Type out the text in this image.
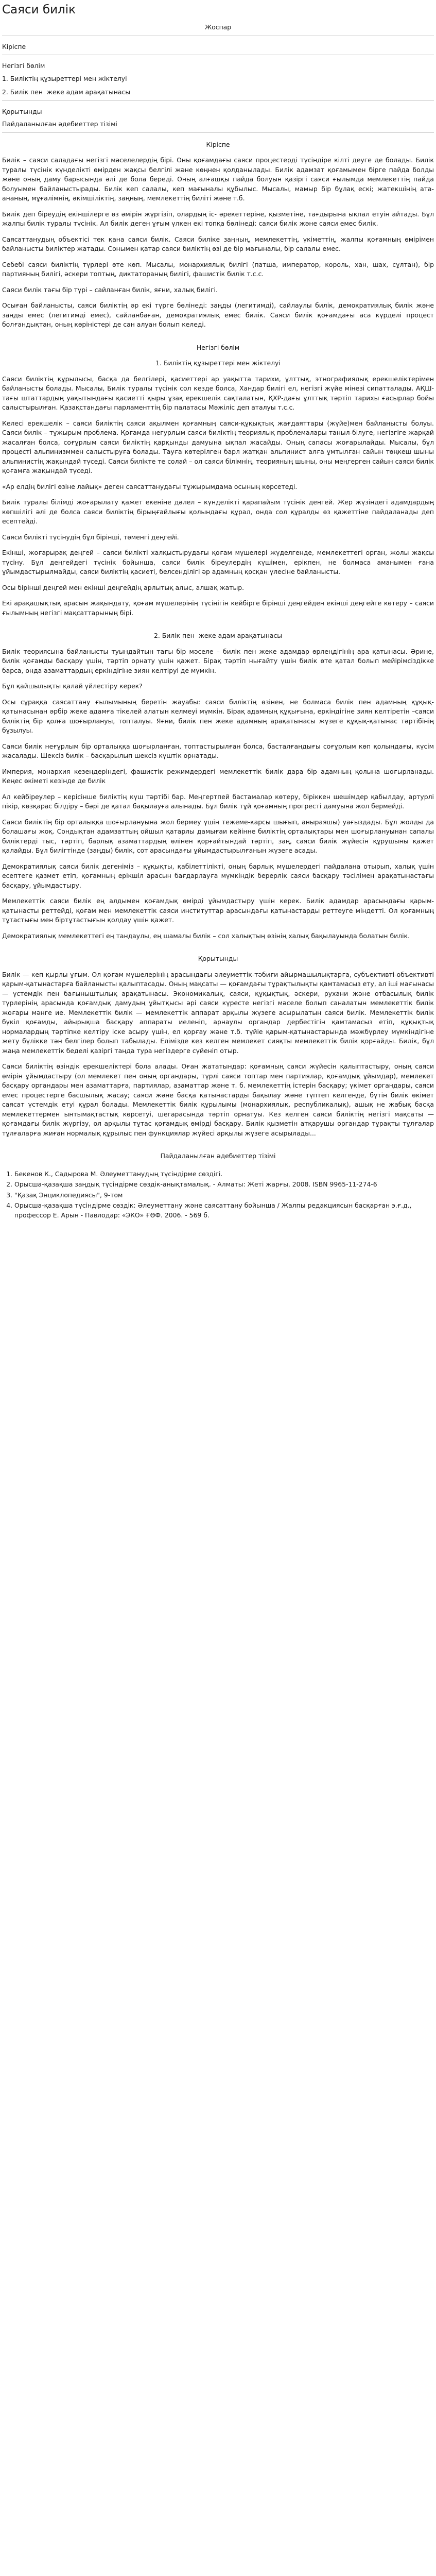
Саяси билік

Жоспар

Кіріспе

Негізгі бөлім

1. Биліктің құзыреттері мен жіктелуі

2. Билік пен ​ жеке адам арақатынасы

Қорытынды

Пайдаланылған әдебиеттер тізімі

Кіріспе

Билік – саяси саладағы негізгі мәселелердің бірі. Оны қоғамдағы саяси процестерді түсіндіре кілті деуге де болады. Билік туралы түсінік күнделікті өмірден жақсы белгілі және көңнен қолданылады. Билік адамзат қоғамымен бірге пайда болды және оның даму барысында әлі де бола береді. Оның алғашқы пайда болуын қазіргі саяси ғылымда мемлекеттің пайда болуымен байланыстырады. Билік кеп салалы, кеп мағыналы құбылыс. Мысалы, мамыр бір бұлақ ескі; жатекшінің ата-ананың, мұғалімнің, әкімшіліктің, заңның, мемлекеттің биліті және т.б.

Билік деп біреудің екіншілерге өз әмірін жүргізіп, олардың іс- әрекеттеріне, қызметіне, тағдырына ықпал етуін айтады. Бұл жалпы билік туралы түсінік. Ал билік деген ұғым үлкен екі топқа бөлінеді: саяси билік және саяси емес билік.

Саясаттанудың объектісі тек қана саяси билік. Саяси биліке заңның, мемлекеттің, үкіметтің, жалпы қоғамның өмірімен байланысты биліктер жатады. Сонымен қатар саяси биліктің өзі де бір мағыналы, бір салалы емес.

Себебі саяси биліктің түрлері өте көп. Мысалы, монархиялық билігі (патша, император, король, хан, шах, сұлтан), бір партияның билігі, әскери топтың, диктатораның билігі, фашистік билік т.с.с.

Саяси билік тағы бір түрі – сайланған билік, яғни, халық билігі.

Осыған байланысты, саяси биліктің әр екі түргe бөлінеді: заңды (легитимді), сайлаулы билік, демократиялық билік және заңды емес (легитимді емес), сайланбаған, демократиялық емес билік. Саяси билік қоғамдағы аса күрделі процест болғандықтан, оның көріністері де сан алуан болып келеді.

Негізгі бөлім

1. Биліктің құзыреттері мен жіктелуі

Саяси биліктің құрылысы, басқа да белгілері, қасиеттері ар уақытта тарихи, ұлттық, этнографиялық ерекшеліктерімен байланысты болады. Мысалы, Билік туралы түсінік сол кезде болса, Хандар билігі ел, негізгі жүйе мінезі сипатталады. АҚШ-тағы штаттардың уақытындағы қасиетті қыры ұзақ ерекшелік сақталатын, ҚХР-дағы ұлттық тәртіп тарихы ғасырлар бойы салыстырылған. Қазақстандағы парламенттің бір палатасы Мәжіліс деп аталуы т.с.с.

Келесі ерекшелік – саяси биліктің саяси ақылмен қоғамның саяси-құқықтық жағдаяттары (жүйе)мен байланысты болуы. Саяси билік – тұжырым проблема. Қоғамда негурлым саяси биліктің теориялық проблемалары таныл-білуге, негізгіге жарқай жасалған болса, соғұрлым саяси биліктің қарқынды дамуына ықпал жасайды. Оның сапасы жоғарылайды. Мысалы, бұл процесті альпинизммен салыстыруға болады. Тауға көтерілген барл жатқан альпинист алға ұмтылған сайын төңкеш шыны альпинистің жақындай түседі. Саяси билікте те солай – ол саяси білімнің, теорияның шыны, оны меңгерген сайын саяси билік қоғамға жақындай түседі.

«Ар елдің билігі өзіне лайық» деген саясаттанудағы тұжырымдама осының көрсетеді.

Билік туралы білімді жоғарылату қажет екеніне дәлел – күнделікті қарапайым түсінік деңгей. Жер жүзіндегі адамдардың көпшілігі әлі де болса саяси биліктің бірыңғайлығы қолындағы құрал, онда сол құралды өз қажеттіне пайдаланады деп есептейді.

Саяси билікті түсінудің бұл бірінші, төменгі деңгейі.

Екінші, жоғарырақ деңгей – саяси билікті халқыстырудағы қоғам мүшелері жүделгенде, мемлекеттегі орган, жолы жақсы түсіну. Бұл деңгейдегі түсінік бойынша, саяси билік біреулердің күшімен, ерікпен, не болмаса аманымен ғана ұйымдастырылмайды, саяси биліктің қасиеті, белсенділігі әр адамның қосқан үлесіне байланысты.

Осы бірінші деңгей мен екінші деңгейдің арлытық алыс, алшақ жатыр.

Екі арақашықтық арасын жақындату, қоғам мүшелерінің түсінігін кейбірге бірінші деңгейден екінші деңгейге көтеру – саяси ғылымның негізгі мақсаттарының бірі.

2. Билік пен ​ жеке адам арақатынасы

Билік теориясына байланысты туындайтын тағы бір мәселе – билік пен жеке адамдар өрлеңдігінің ара қатынасы. Әрине, билік қоғамды басқару үшін, тәртіп орнату үшін қажет. Бірақ тәртіп нығайту үшін билік өте қатал болып мейірімсіздікке барса, онда азаматтардың еркіндігіне зиян келтіруі де мүмкін.

Бұл қайшылықты қалай үйлестіру керек?

Осы сұраққа саясаттану ғылымының беретін жауабы: саяси биліктің өзінен, не болмаса билік пен адамның құқық-қатынасынан әрбір жеке адамға тікелей алатын келмеуі мүмкін. Бірақ адамның құқығына, еркіндігіне зиян келтіретін –саяси биліктің бір қолға шоғырлануы, топталуы. Яғни, билік пен жеке адамның арақатынасы жүзеге құқық-қатынас тәртібінің бұзылуы.

Саяси билік неғұрлым бір орталыққа шоғырланған, топтастырылған болса, басталғандығы соғұрлым көп қолындағы, күсім жасалады. Шексіз билік – басқарылып шексіз күштік орнатады.

Империя, монархия кезеңдеріндегі, фашистік режимдердегі мемлекеттік билік дара бір адамның қолына шоғырланады. Кеңес өкіметі кезінде де билік

Ал кейбіреулер – керісінше биліктің күш тәртібі бар. Меңгертпей бастамалар көтеру, біріккен шешімдер қабылдау, артурлі пікір, көзқарас білдіру – бәрі де қатал бақылауға алынады. Бұл билік тұй қоғамның прогресті дамуына жол бермейді.

Саяси биліктің бір орталыққа шоғырлануына жол бермеу үшін тежеме-карсы шығып, аныраяшы) уағыздады. Бұл жолды да болашағы жоқ. Сондықтан адамзаттың ойшыл қатарлы дамығаи кейінне биліктің орталықтары мен шоғырлануынан сапалы биліктерді тыс, тәртіп, барлық азаматтардың өлінен қорғайтындай тәртіп, заң, саяси билік жүйесін құрушыны қажет қалайды. Бұл билігтінде (заңды) билік, сот арасындағы ұйымдастырылғанын жүзеге асады.

Демократиялық саяси билік дегеніміз – құқықты, қабілеттілікті, оның барлық мүшелердегі пайдалана отырып, халық үшін есептеге қазмет етіп, қоғамның ерікшіл арасын бағдарлауға мүмкіндік берерлік саяси басқару тәсілімен арақатынастағы басқару, ұйымдастыру.

Мемлекеттік саяси билік ең алдымен қоғамдық өмірді ұйымдастыру үшін керек. Билік адамдар арасындағы қарым-қатынасты реттейді, қоғам мен мемлекеттік саяси институттар арасындағы қатынастарды реттеуге міндетті. Ол қоғамның тұтастығы мен біртұтастығын қолдау үшін қажет.

Демократиялық мемлекеттегі ең тандаулы, ең шамалы билік – сол халықтың өзінің халық бақылауында болатын билік.

Қорытынды

Билік — кеп қырлы ұғым. Ол қоғам мүшелерінің арасындағы әлеуметтік-тәбиғи айырмашылықтарға, субъективті-объективті қарым-қатынастарға байланысты қалыптасады. Оның мақсаты — қоғамдағы тұрақтылықты қамтамасыз ету, ал іші мағынасы — үстемдік пен бағыныштылық арақатынасы. Экономикалық, саяси, құқықтық, әскери, рухани және отбасылық билік түрлерінің арасында қоғамдық дамудың ұйытқысы әрі саяси күресте негізгі мәселе болып саналатын мемлекеттік билік жоғары мәнге ие. Мемлекеттік билік — мемлекеттік аппарат арқылы жүзеге асырылатын саяси билік. Мемлекеттік билік бүкіл қоғамды, айырықша басқару аппараты иеленіп, арнаулы органдар дербестігін қамтамасыз етіп, құқықтық нормалардың тәртіпке келтіру іске асыру үшін, ел қорғау және т.б. түйіе қарым-қатынастарында мәжбүрлеу мүмкіндігіне жету бүлікке тән белгілер болып табылады. Елімізде кез келген мемлекет сияқты мемлекеттік билік қорғайды. Билік, бұл жаңа мемлекеттік беделі қазіргі таңда тура негіздерге сүйеніп отыр.

Саяси биліктің өзіндік ерекшеліктері бола алады. Оған жататындар: қоғамның саяси жүйесін қалыптастыру, оның саяси өмірін ұйымдастыру (ол мемлекет пен оның органдары, түрлі саяси топтар мен партиялар, қоғамдық ұйымдар), мемлекет басқару органдары мен азаматтарға, партиялар, азаматтар және т. б. мемлекеттің істерін басқару; үкімет органдары, саяси емес процестерге басшылық жасау; саяси және басқа қатынастарды бақылау және түптеп келгенде, бүтін билік өкімет саясат үстемдік етуі құрал болады. Мемлекеттік билік құрылымы (монархиялық, республикалық), ашық не жабық басқа мемлекеттермен ынтымақтастық көрсетуі, шегарасында тәртіп орнатуы. Кез келген саяси биліктің негізгі мақсаты — қоғамдағы билік жүргізу, ол арқылы тұтас қоғамдық өмірді басқару. Билік қызметін атқарушы органдар тұрақты тұлғалар тұлғаларға жиған нормалық құрылыс пен функциялар жүйесі арқылы жүзеге асырылады...

Пайдаланылған әдебиеттер тізімі

1. Бекенов К., Садырова М. Әлеуметтанудың түсіндірме сөздігі.
2. Орысша-қазақша заңдық түсіндірме сөздік-анықтамалық. - Алматы: Жеті жарғы, 2008. ISBN 9965-11-274-6
3. "Қазақ Энциклопедиясы", 9-том
4. Орысша-қазақша түсіндірме сөздік: Әлеуметтану және саясаттану бойынша / Жалпы редакциясын басқарған э.ғ.д., профессор Е. Арын - Павлодар: «ЭКО» ҒӨФ. 2006. - 569 б.
